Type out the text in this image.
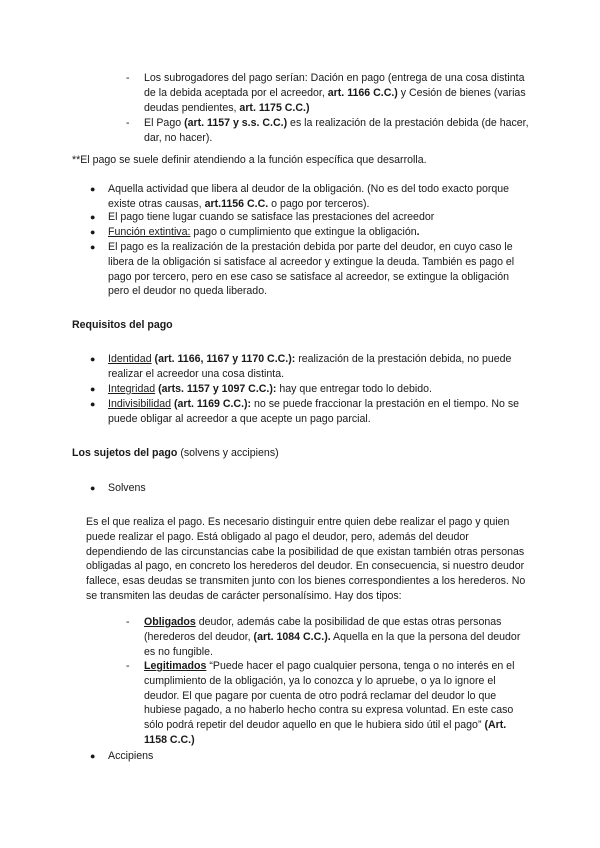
- Los subrogadores del pago serían: Dación en pago (entrega de una cosa distinta de la debida aceptada por el acreedor, art. 1166 C.C.) y Cesión de bienes (varias deudas pendientes, art. 1175 C.C.)
- El Pago (art. 1157 y s.s. C.C.) es la realización de la prestación debida (de hacer, dar, no hacer).
**El pago se suele definir atendiendo a la función específica que desarrolla.
● Aquella actividad que libera al deudor de la obligación. (No es del todo exacto porque existe otras causas, art.1156 C.C. o pago por terceros).
● El pago tiene lugar cuando se satisface las prestaciones del acreedor
● Función extintiva: pago o cumplimiento que extingue la obligación.
● El pago es la realización de la prestación debida por parte del deudor, en cuyo caso le libera de la obligación si satisface al acreedor y extingue la deuda. También es pago el pago por tercero, pero en ese caso se satisface al acreedor, se extingue la obligación pero el deudor no queda liberado.
Requisitos del pago
● Identidad (art. 1166, 1167 y 1170 C.C.): realización de la prestación debida, no puede realizar el acreedor una cosa distinta.
● Integridad (arts. 1157 y 1097 C.C.): hay que entregar todo lo debido.
● Indivisibilidad (art. 1169 C.C.): no se puede fraccionar la prestación en el tiempo. No se puede obligar al acreedor a que acepte un pago parcial.
Los sujetos del pago (solvens y accipiens)
● Solvens
Es el que realiza el pago. Es necesario distinguir entre quien debe realizar el pago y quien puede realizar el pago. Está obligado al pago el deudor, pero, además del deudor dependiendo de las circunstancias cabe la posibilidad de que existan también otras personas obligadas al pago, en concreto los herederos del deudor. En consecuencia, si nuestro deudor fallece, esas deudas se transmiten junto con los bienes correspondientes a los herederos. No se transmiten las deudas de carácter personalísimo. Hay dos tipos:
- Obligados deudor, además cabe la posibilidad de que estas otras personas (herederos del deudor, (art. 1084 C.C.). Aquella en la que la persona del deudor es no fungible.
- Legitimados “Puede hacer el pago cualquier persona, tenga o no interés en el cumplimiento de la obligación, ya lo conozca y lo apruebe, o ya lo ignore el deudor. El que pagare por cuenta de otro podrá reclamar del deudor lo que hubiese pagado, a no haberlo hecho contra su expresa voluntad. En este caso sólo podrá repetir del deudor aquello en que le hubiera sido útil el pago” (Art. 1158 C.C.)
● Accipiens
